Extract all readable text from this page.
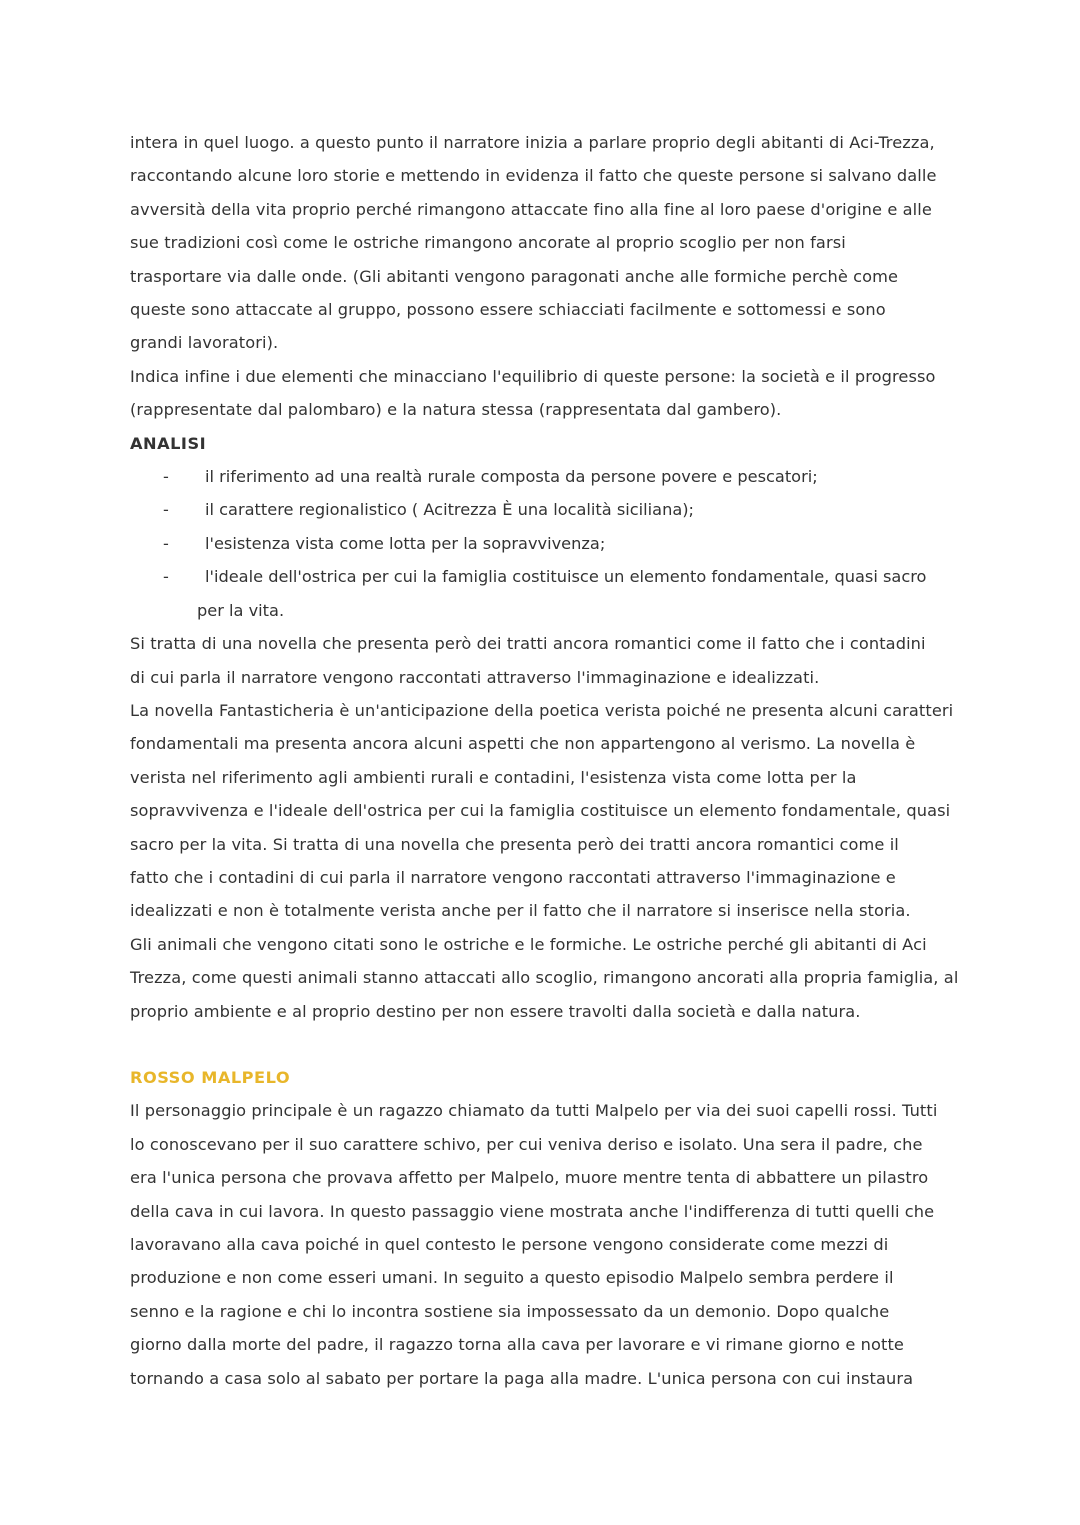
intera in quel luogo. a questo punto il narratore inizia a parlare proprio degli abitanti di Aci-Trezza,

raccontando alcune loro storie e mettendo in evidenza il fatto che queste persone si salvano dalle

avversità della vita proprio perché rimangono attaccate fino alla fine al loro paese d'origine e alle

sue tradizioni così come le ostriche rimangono ancorate al proprio scoglio per non farsi

trasportare via dalle onde. (Gli abitanti vengono paragonati anche alle formiche perchè come

queste sono attaccate al gruppo, possono essere schiacciati facilmente e sottomessi e sono

grandi lavoratori).

Indica infine i due elementi che minacciano l'equilibrio di queste persone: la società e il progresso

(rappresentate dal palombaro) e la natura stessa (rappresentata dal gambero).

ANALISI
- il riferimento ad una realtà rurale composta da persone povere e pescatori;
- il carattere regionalistico ( Acitrezza È una località siciliana);
- l'esistenza vista come lotta per la sopravvivenza;
- l'ideale dell'ostrica per cui la famiglia costituisce un elemento fondamentale, quasi sacro
per la vita.

Si tratta di una novella che presenta però dei tratti ancora romantici come il fatto che i contadini

di cui parla il narratore vengono raccontati attraverso l'immaginazione e idealizzati.

La novella Fantasticheria è un'anticipazione della poetica verista poiché ne presenta alcuni caratteri

fondamentali ma presenta ancora alcuni aspetti che non appartengono al verismo. La novella è

verista nel riferimento agli ambienti rurali e contadini, l'esistenza vista come lotta per la

sopravvivenza e l'ideale dell'ostrica per cui la famiglia costituisce un elemento fondamentale, quasi

sacro per la vita. Si tratta di una novella che presenta però dei tratti ancora romantici come il

fatto che i contadini di cui parla il narratore vengono raccontati attraverso l'immaginazione e

idealizzati e non è totalmente verista anche per il fatto che il narratore si inserisce nella storia.

Gli animali che vengono citati sono le ostriche e le formiche. Le ostriche perché gli abitanti di Aci

Trezza, come questi animali stanno attaccati allo scoglio, rimangono ancorati alla propria famiglia, al

proprio ambiente e al proprio destino per non essere travolti dalla società e dalla natura.

ROSSO MALPELO

Il personaggio principale è un ragazzo chiamato da tutti Malpelo per via dei suoi capelli rossi. Tutti

lo conoscevano per il suo carattere schivo, per cui veniva deriso e isolato. Una sera il padre, che

era l'unica persona che provava affetto per Malpelo, muore mentre tenta di abbattere un pilastro

della cava in cui lavora. In questo passaggio viene mostrata anche l'indifferenza di tutti quelli che

lavoravano alla cava poiché in quel contesto le persone vengono considerate come mezzi di

produzione e non come esseri umani. In seguito a questo episodio Malpelo sembra perdere il

senno e la ragione e chi lo incontra sostiene sia impossessato da un demonio. Dopo qualche

giorno dalla morte del padre, il ragazzo torna alla cava per lavorare e vi rimane giorno e notte

tornando a casa solo al sabato per portare la paga alla madre. L'unica persona con cui instaura
